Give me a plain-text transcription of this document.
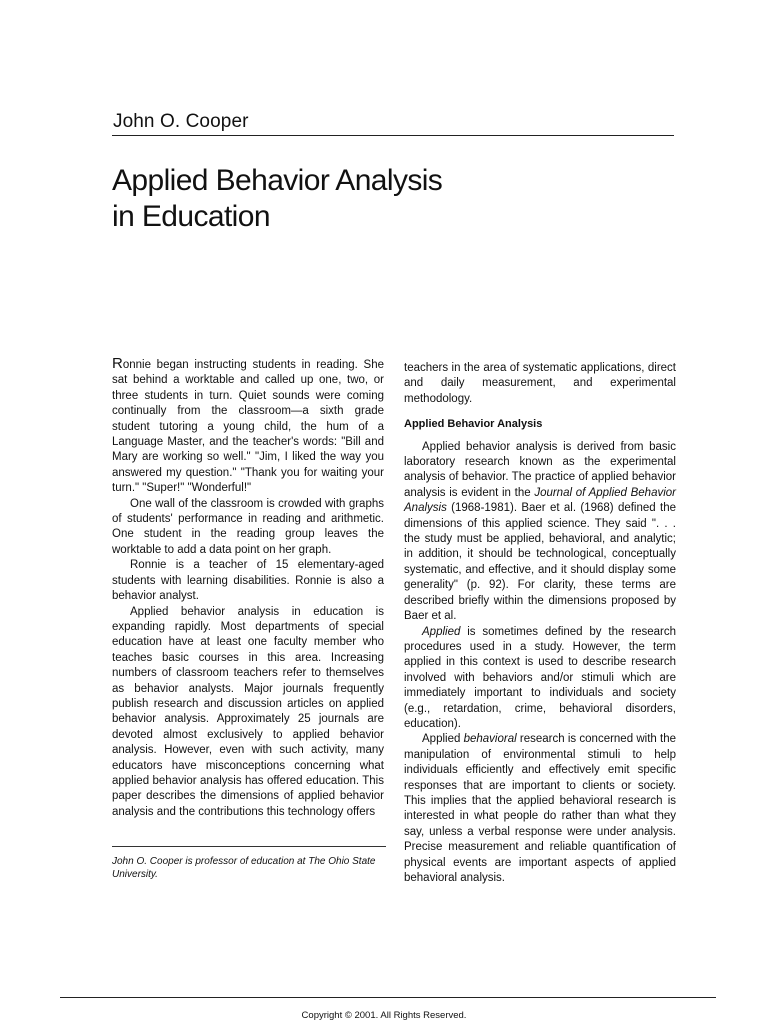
John O. Cooper
Applied Behavior Analysis
in Education

Ronnie began instructing students in reading. She sat behind a worktable and called up one, two, or three students in turn. Quiet sounds were coming continually from the classroom—a sixth grade student tutoring a young child, the hum of a Language Master, and the teacher's words: "Bill and Mary are working so well." "Jim, I liked the way you answered my question." "Thank you for waiting your turn." "Super!" "Wonderful!"

One wall of the classroom is crowded with graphs of students' performance in reading and arithmetic. One student in the reading group leaves the worktable to add a data point on her graph.

Ronnie is a teacher of 15 elementary-aged students with learning disabilities. Ronnie is also a behavior analyst.

Applied behavior analysis in education is expanding rapidly. Most departments of special education have at least one faculty member who teaches basic courses in this area. Increasing numbers of classroom teachers refer to themselves as behavior analysts. Major journals frequently publish research and discussion articles on applied behavior analysis. Approximately 25 journals are devoted almost exclusively to applied behavior analysis. However, even with such activity, many educators have misconceptions concerning what applied behavior analysis has offered education. This paper describes the dimensions of applied behavior analysis and the contributions this technology offers

John O. Cooper is professor of education at The Ohio State University.

teachers in the area of systematic applications, direct and daily measurement, and experimental methodology.

Applied Behavior Analysis

Applied behavior analysis is derived from basic laboratory research known as the experimental analysis of behavior. The practice of applied behavior analysis is evident in the Journal of Applied Behavior Analysis (1968-1981). Baer et al. (1968) defined the dimensions of this applied science. They said ". . . the study must be applied, behavioral, and analytic; in addition, it should be technological, conceptually systematic, and effective, and it should display some generality" (p. 92). For clarity, these terms are described briefly within the dimensions proposed by Baer et al.

Applied is sometimes defined by the research procedures used in a study. However, the term applied in this context is used to describe research involved with behaviors and/or stimuli which are immediately important to individuals and society (e.g., retardation, crime, behavioral disorders, education).

Applied behavioral research is concerned with the manipulation of environmental stimuli to help individuals efficiently and effectively emit specific responses that are important to clients or society. This implies that the applied behavioral research is interested in what people do rather than what they say, unless a verbal response were under analysis. Precise measurement and reliable quantification of physical events are important aspects of applied behavioral analysis.

Copyright © 2001. All Rights Reserved.
